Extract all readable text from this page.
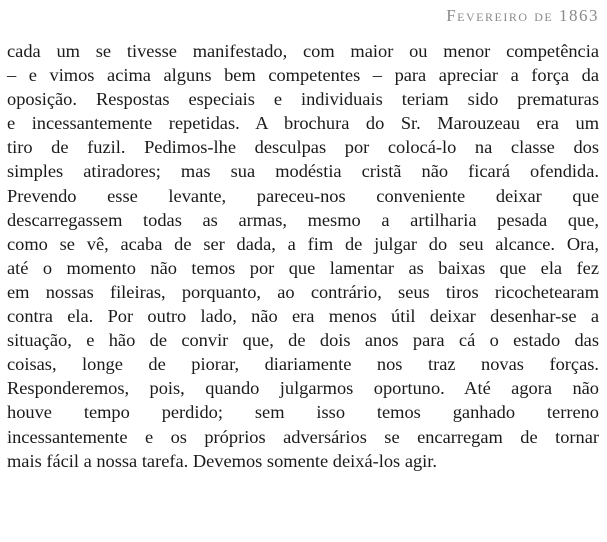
Fevereiro de 1863
cada um se tivesse manifestado, com maior ou menor competência
– e vimos acima alguns bem competentes – para apreciar a força da
oposição. Respostas especiais e individuais teriam sido prematuras
e incessantemente repetidas. A brochura do Sr. Marouzeau era um
tiro de fuzil. Pedimos-lhe desculpas por colocá-lo na classe dos
simples atiradores; mas sua modéstia cristã não ficará ofendida.
Prevendo esse levante, pareceu-nos conveniente deixar que
descarregassem todas as armas, mesmo a artilharia pesada que,
como se vê, acaba de ser dada, a fim de julgar do seu alcance. Ora,
até o momento não temos por que lamentar as baixas que ela fez
em nossas fileiras, porquanto, ao contrário, seus tiros ricochetearam
contra ela. Por outro lado, não era menos útil deixar desenhar-se a
situação, e hão de convir que, de dois anos para cá o estado das
coisas, longe de piorar, diariamente nos traz novas forças.
Responderemos, pois, quando julgarmos oportuno. Até agora não
houve tempo perdido; sem isso temos ganhado terreno
incessantemente e os próprios adversários se encarregam de tornar
mais fácil a nossa tarefa. Devemos somente deixá-los agir.
